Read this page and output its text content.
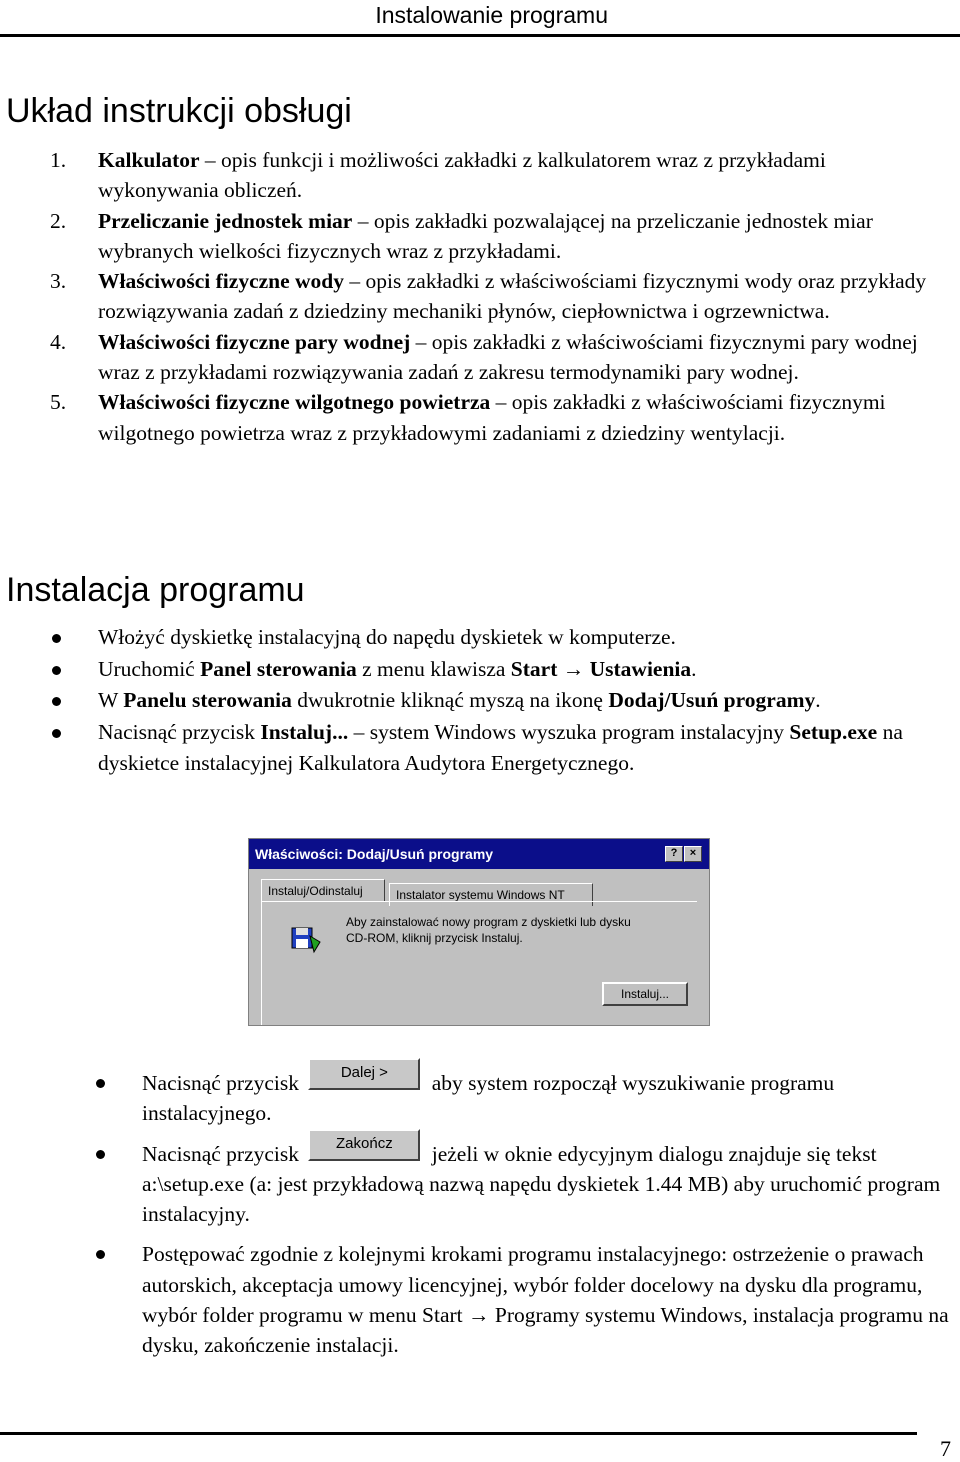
Instalowanie programu
Układ instrukcji obsługi
1. Kalkulator – opis funkcji i możliwości zakładki z kalkulatorem wraz z przykładami wykonywania obliczeń.
2. Przeliczanie jednostek miar – opis zakładki pozwalającej na przeliczanie jednostek miar wybranych wielkości fizycznych wraz z przykładami.
3. Właściwości fizyczne wody – opis zakładki z właściwościami fizycznymi wody oraz przykłady rozwiązywania zadań z dziedziny mechaniki płynów, ciepłownictwa i ogrzewnictwa.
4. Właściwości fizyczne pary wodnej – opis zakładki z właściwościami fizycznymi pary wodnej wraz z przykładami rozwiązywania zadań z zakresu termodynamiki pary wodnej.
5. Właściwości fizyczne wilgotnego powietrza – opis zakładki z właściwościami fizycznymi wilgotnego powietrza wraz z przykładowymi zadaniami z dziedziny wentylacji.
Instalacja programu
Włożyć dyskietkę instalacyjną do napędu dyskietek w komputerze.
Uruchomić Panel sterowania z menu klawisza Start → Ustawienia.
W Panelu sterowania dwukrotnie kliknąć myszą na ikonę Dodaj/Usuń programy.
Nacisnąć przycisk Instaluj... – system Windows wyszuka program instalacyjny Setup.exe na dyskietce instalacyjnej Kalkulatora Audytora Energetycznego.
Właściwości: Dodaj/Usuń programy	?	×
Instaluj/Odinstaluj	Instalator systemu Windows NT
Aby zainstalować nowy program z dyskietki lub dysku CD-ROM, kliknij przycisk Instaluj.
Instaluj...
Nacisnąć przycisk Dalej > aby system rozpoczął wyszukiwanie programu instalacyjnego.
Nacisnąć przycisk Zakończ jeżeli w oknie edycyjnym dialogu znajduje się tekst a:\setup.exe (a: jest przykładową nazwą napędu dyskietek 1.44 MB) aby uruchomić program instalacyjny.
Postępować zgodnie z kolejnymi krokami programu instalacyjnego: ostrzeżenie o prawach autorskich, akceptacja umowy licencyjnej, wybór folder docelowy na dysku dla programu, wybór folder programu w menu Start → Programy systemu Windows, instalacja programu na dysku, zakończenie instalacji.
7
